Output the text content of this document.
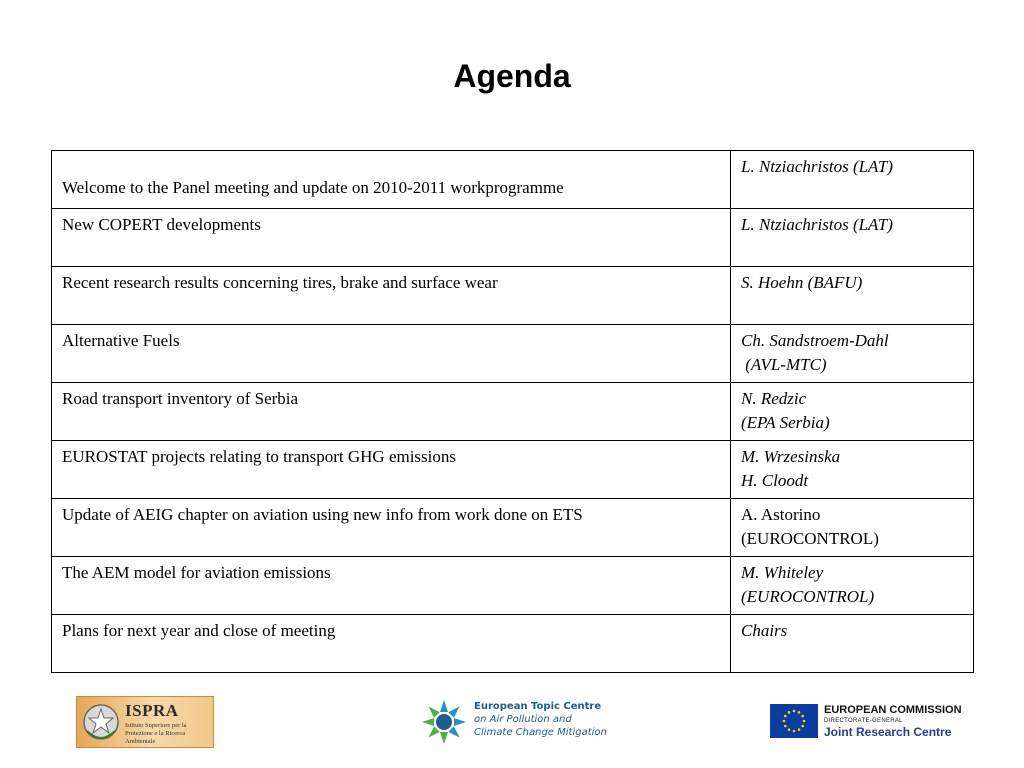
Agenda
Welcome to the Panel meeting and update on 2010-2011 workprogramme	L. Ntziachristos (LAT)

New COPERT developments	L. Ntziachristos (LAT)

Recent research results concerning tires, brake and surface wear	S. Hoehn (BAFU)

Alternative Fuels	Ch. Sandstroem-Dahl
(AVL-MTC)

Road transport inventory of Serbia	N. Redzic
(EPA Serbia)

EUROSTAT projects relating to transport GHG emissions	M. Wrzesinska
H. Cloodt

Update of AEIG chapter on aviation using new info from work done on ETS	A. Astorino
(EUROCONTROL)

The AEM model for aviation emissions	M. Whiteley
(EUROCONTROL)

Plans for next year and close of meeting	Chairs
ISPRA
Istituto Superiore per la Protezione e la Ricerca Ambientale
European Topic Centre
on Air Pollution and
Climate Change Mitigation
EUROPEAN COMMISSION
DIRECTORATE-GENERAL
Joint Research Centre
